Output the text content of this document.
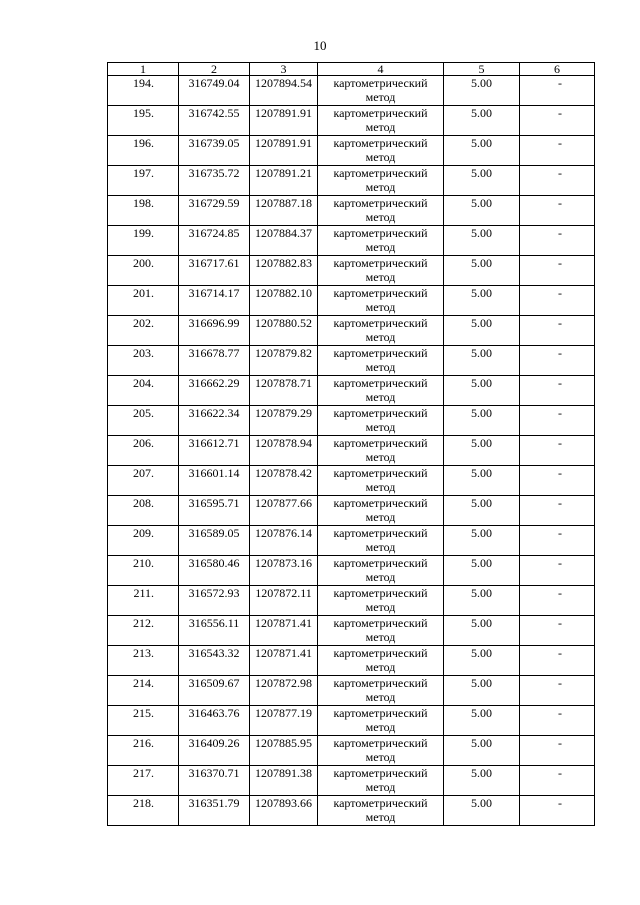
10
1	2	3	4	5	6
194.	316749.04	1207894.54	картометрический метод	5.00	-
195.	316742.55	1207891.91	картометрический метод	5.00	-
196.	316739.05	1207891.91	картометрический метод	5.00	-
197.	316735.72	1207891.21	картометрический метод	5.00	-
198.	316729.59	1207887.18	картометрический метод	5.00	-
199.	316724.85	1207884.37	картометрический метод	5.00	-
200.	316717.61	1207882.83	картометрический метод	5.00	-
201.	316714.17	1207882.10	картометрический метод	5.00	-
202.	316696.99	1207880.52	картометрический метод	5.00	-
203.	316678.77	1207879.82	картометрический метод	5.00	-
204.	316662.29	1207878.71	картометрический метод	5.00	-
205.	316622.34	1207879.29	картометрический метод	5.00	-
206.	316612.71	1207878.94	картометрический метод	5.00	-
207.	316601.14	1207878.42	картометрический метод	5.00	-
208.	316595.71	1207877.66	картометрический метод	5.00	-
209.	316589.05	1207876.14	картометрический метод	5.00	-
210.	316580.46	1207873.16	картометрический метод	5.00	-
211.	316572.93	1207872.11	картометрический метод	5.00	-
212.	316556.11	1207871.41	картометрический метод	5.00	-
213.	316543.32	1207871.41	картометрический метод	5.00	-
214.	316509.67	1207872.98	картометрический метод	5.00	-
215.	316463.76	1207877.19	картометрический метод	5.00	-
216.	316409.26	1207885.95	картометрический метод	5.00	-
217.	316370.71	1207891.38	картометрический метод	5.00	-
218.	316351.79	1207893.66	картометрический метод	5.00	-
